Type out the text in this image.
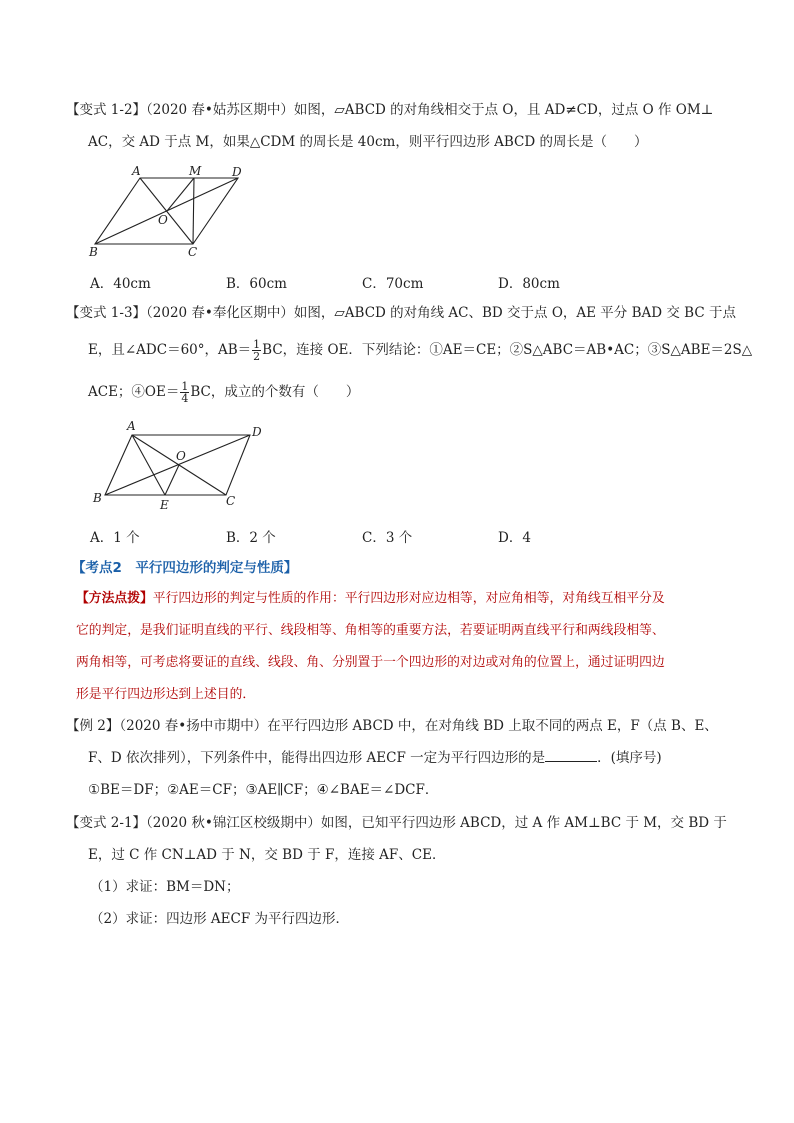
【变式 1-2】（2020 春•姑苏区期中）如图，▱ABCD 的对角线相交于点 O，且 AD≠CD，过点 O 作 OM⊥
AC，交 AD 于点 M，如果△CDM 的周长是 40cm，则平行四边形 ABCD 的周长是（　　）
A	M	D
O
B	C
A．40cm	B．60cm	C．70cm	D．80cm
【变式 1-3】（2020 春•奉化区期中）如图，▱ABCD 的对角线 AC、BD 交于点 O，AE 平分 BAD 交 BC 于点
E，且∠ADC＝60°，$AB= \frac{1}{2}$ BC，连接 OE．下列结论：①AE＝CE；②S△ABC＝AB•AC；③S△ABE＝2S△
ACE；④OE＝ $\frac{1}{4}$ BC，成立的个数有（　　）
A	D
O
B	E	C
A．1 个	B．2 个	C．3 个	D．4
【考点2　平行四边形的判定与性质】
【方法点拨】平行四边形的判定与性质的作用：平行四边形对应边相等，对应角相等，对角线互相平分及
它的判定，是我们证明直线的平行、线段相等、角相等的重要方法，若要证明两直线平行和两线段相等、
两角相等，可考虑将要证的直线、线段、角、分别置于一个四边形的对边或对角的位置上，通过证明四边
形是平行四边形达到上述目的．
【例 2】（2020 春•扬中市期中）在平行四边形 ABCD 中，在对角线 BD 上取不同的两点 E，F（点 B、E、
F、D 依次排列），下列条件中，能得出四边形 AECF 一定为平行四边形的是	．(填序号)
①BE＝DF；②AE＝CF；③AE∥CF；④∠BAE＝∠DCF．
【变式 2-1】（2020 秋•锦江区校级期中）如图，已知平行四边形 ABCD，过 A 作 AM⊥BC 于 M，交 BD 于
E，过 C 作 CN⊥AD 于 N，交 BD 于 F，连接 AF、CE．
（1）求证：BM＝DN；
（2）求证：四边形 AECF 为平行四边形．
